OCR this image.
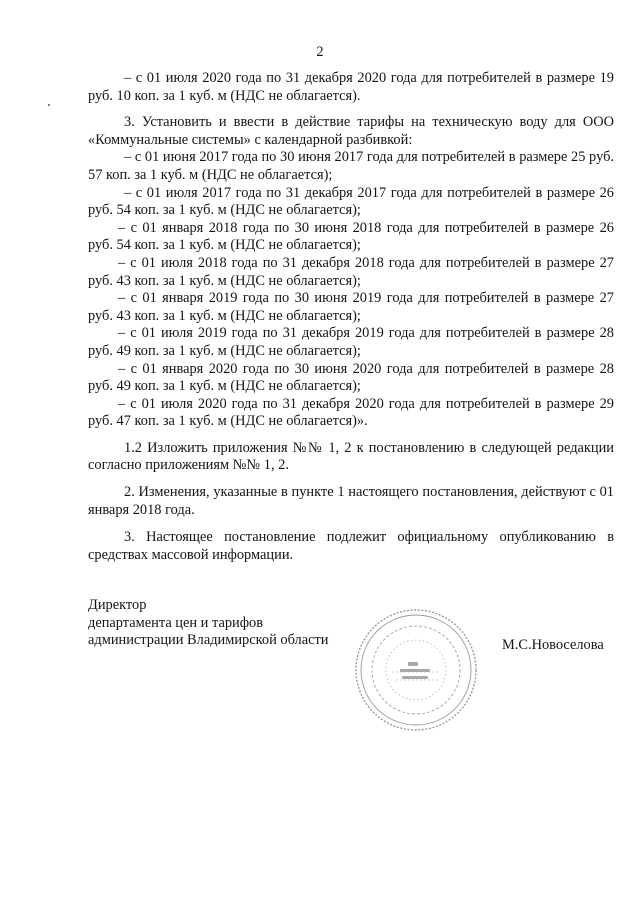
2

– с 01 июля 2020 года по 31 декабря 2020 года для потребителей в размере 19 руб. 10 коп. за 1 куб. м (НДС не облагается).

3. Установить и ввести в действие тарифы на техническую воду для ООО «Коммунальные системы» с календарной разбивкой:

– с 01 июня 2017 года по 30 июня 2017 года для потребителей в размере 25 руб. 57 коп. за 1 куб. м (НДС не облагается);

– с 01 июля 2017 года по 31 декабря 2017 года для потребителей в размере 26 руб. 54 коп. за 1 куб. м (НДС не облагается);

– с 01 января 2018 года по 30 июня 2018 года для потребителей в размере 26 руб. 54 коп. за 1 куб. м (НДС не облагается);

– с 01 июля 2018 года по 31 декабря 2018 года для потребителей в размере 27 руб. 43 коп. за 1 куб. м (НДС не облагается);

– с 01 января 2019 года по 30 июня 2019 года для потребителей в размере 27 руб. 43 коп. за 1 куб. м (НДС не облагается);

– с 01 июля 2019 года по 31 декабря 2019 года для потребителей в размере 28 руб. 49 коп. за 1 куб. м (НДС не облагается);

– с 01 января 2020 года по 30 июня 2020 года для потребителей в размере 28 руб. 49 коп. за 1 куб. м (НДС не облагается);

– с 01 июля 2020 года по 31 декабря 2020 года для потребителей в размере 29 руб. 47 коп. за 1 куб. м (НДС не облагается)».

1.2 Изложить приложения №№ 1, 2 к постановлению в следующей редакции согласно приложениям №№ 1, 2.

2. Изменения, указанные в пункте 1 настоящего постановления, действуют с 01 января 2018 года.

3. Настоящее постановление подлежит официальному опубликованию в средствах массовой информации.

Директор

департамента цен и тарифов

администрации Владимирской области	М.С.Новоселова
